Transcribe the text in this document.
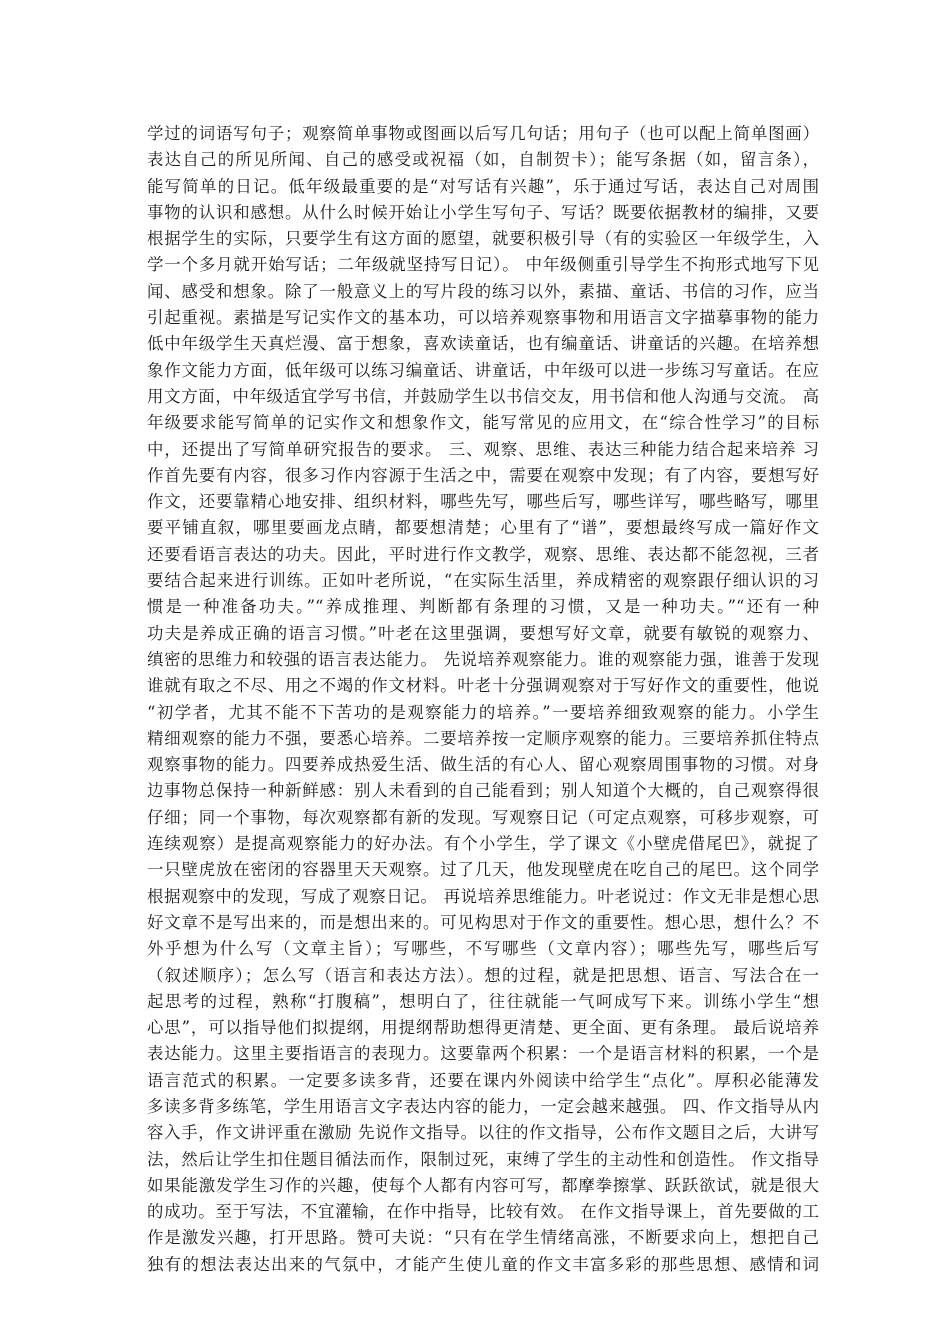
学过的词语写句子；观察简单事物或图画以后写几句话；用句子（也可以配上简单图画）
表达自己的所见所闻、自己的感受或祝福（如，自制贺卡）；能写条据（如，留言条），
能写简单的日记。低年级最重要的是“对写话有兴趣”，乐于通过写话，表达自己对周围
事物的认识和感想。从什么时候开始让小学生写句子、写话？既要依据教材的编排，又要
根据学生的实际，只要学生有这方面的愿望，就要积极引导（有的实验区一年级学生，入
学一个多月就开始写话；二年级就坚持写日记）。 中年级侧重引导学生不拘形式地写下见
闻、感受和想象。除了一般意义上的写片段的练习以外，素描、童话、书信的习作，应当
引起重视。素描是写记实作文的基本功，可以培养观察事物和用语言文字描摹事物的能力
低中年级学生天真烂漫、富于想象，喜欢读童话，也有编童话、讲童话的兴趣。在培养想
象作文能力方面，低年级可以练习编童话、讲童话，中年级可以进一步练习写童话。在应
用文方面，中年级适宜学写书信，并鼓励学生以书信交友，用书信和他人沟通与交流。 高
年级要求能写简单的记实作文和想象作文，能写常见的应用文，在“综合性学习”的目标
中，还提出了写简单研究报告的要求。 三、观察、思维、表达三种能力结合起来培养 习
作首先要有内容，很多习作内容源于生活之中，需要在观察中发现；有了内容，要想写好
作文，还要靠精心地安排、组织材料，哪些先写，哪些后写，哪些详写，哪些略写，哪里
要平铺直叙，哪里要画龙点睛，都要想清楚；心里有了“谱”，要想最终写成一篇好作文
还要看语言表达的功夫。因此，平时进行作文教学，观察、思维、表达都不能忽视，三者
要结合起来进行训练。正如叶老所说，“在实际生活里，养成精密的观察跟仔细认识的习
惯是一种准备功夫。”“养成推理、判断都有条理的习惯，又是一种功夫。”“还有一种
功夫是养成正确的语言习惯。”叶老在这里强调，要想写好文章，就要有敏锐的观察力、
缜密的思维力和较强的语言表达能力。 先说培养观察能力。谁的观察能力强，谁善于发现
谁就有取之不尽、用之不竭的作文材料。叶老十分强调观察对于写好作文的重要性，他说
“初学者，尤其不能不下苦功的是观察能力的培养。”一要培养细致观察的能力。小学生
精细观察的能力不强，要悉心培养。二要培养按一定顺序观察的能力。三要培养抓住特点
观察事物的能力。四要养成热爱生活、做生活的有心人、留心观察周围事物的习惯。对身
边事物总保持一种新鲜感：别人未看到的自己能看到；别人知道个大概的，自己观察得很
仔细；同一个事物，每次观察都有新的发现。写观察日记（可定点观察，可移步观察，可
连续观察）是提高观察能力的好办法。有个小学生，学了课文《小壁虎借尾巴》，就捉了
一只壁虎放在密闭的容器里天天观察。过了几天，他发现壁虎在吃自己的尾巴。这个同学
根据观察中的发现，写成了观察日记。 再说培养思维能力。叶老说过：作文无非是想心思
好文章不是写出来的，而是想出来的。可见构思对于作文的重要性。想心思，想什么？不
外乎想为什么写（文章主旨）；写哪些，不写哪些（文章内容）；哪些先写，哪些后写
（叙述顺序）；怎么写（语言和表达方法）。想的过程，就是把思想、语言、写法合在一
起思考的过程，熟称“打腹稿”，想明白了，往往就能一气呵成写下来。训练小学生“想
心思”，可以指导他们拟提纲，用提纲帮助想得更清楚、更全面、更有条理。 最后说培养
表达能力。这里主要指语言的表现力。这要靠两个积累：一个是语言材料的积累，一个是
语言范式的积累。一定要多读多背，还要在课内外阅读中给学生“点化”。厚积必能薄发
多读多背多练笔，学生用语言文字表达内容的能力，一定会越来越强。 四、作文指导从内
容入手，作文讲评重在激励 先说作文指导。以往的作文指导，公布作文题目之后，大讲写
法，然后让学生扣住题目循法而作，限制过死，束缚了学生的主动性和创造性。 作文指导
如果能激发学生习作的兴趣，使每个人都有内容可写，都摩拳擦掌、跃跃欲试，就是很大
的成功。至于写法，不宜灌输，在作中指导，比较有效。 在作文指导课上，首先要做的工
作是激发兴趣，打开思路。赞可夫说：“只有在学生情绪高涨，不断要求向上，想把自己
独有的想法表达出来的气氛中，才能产生使儿童的作文丰富多彩的那些思想、感情和词
